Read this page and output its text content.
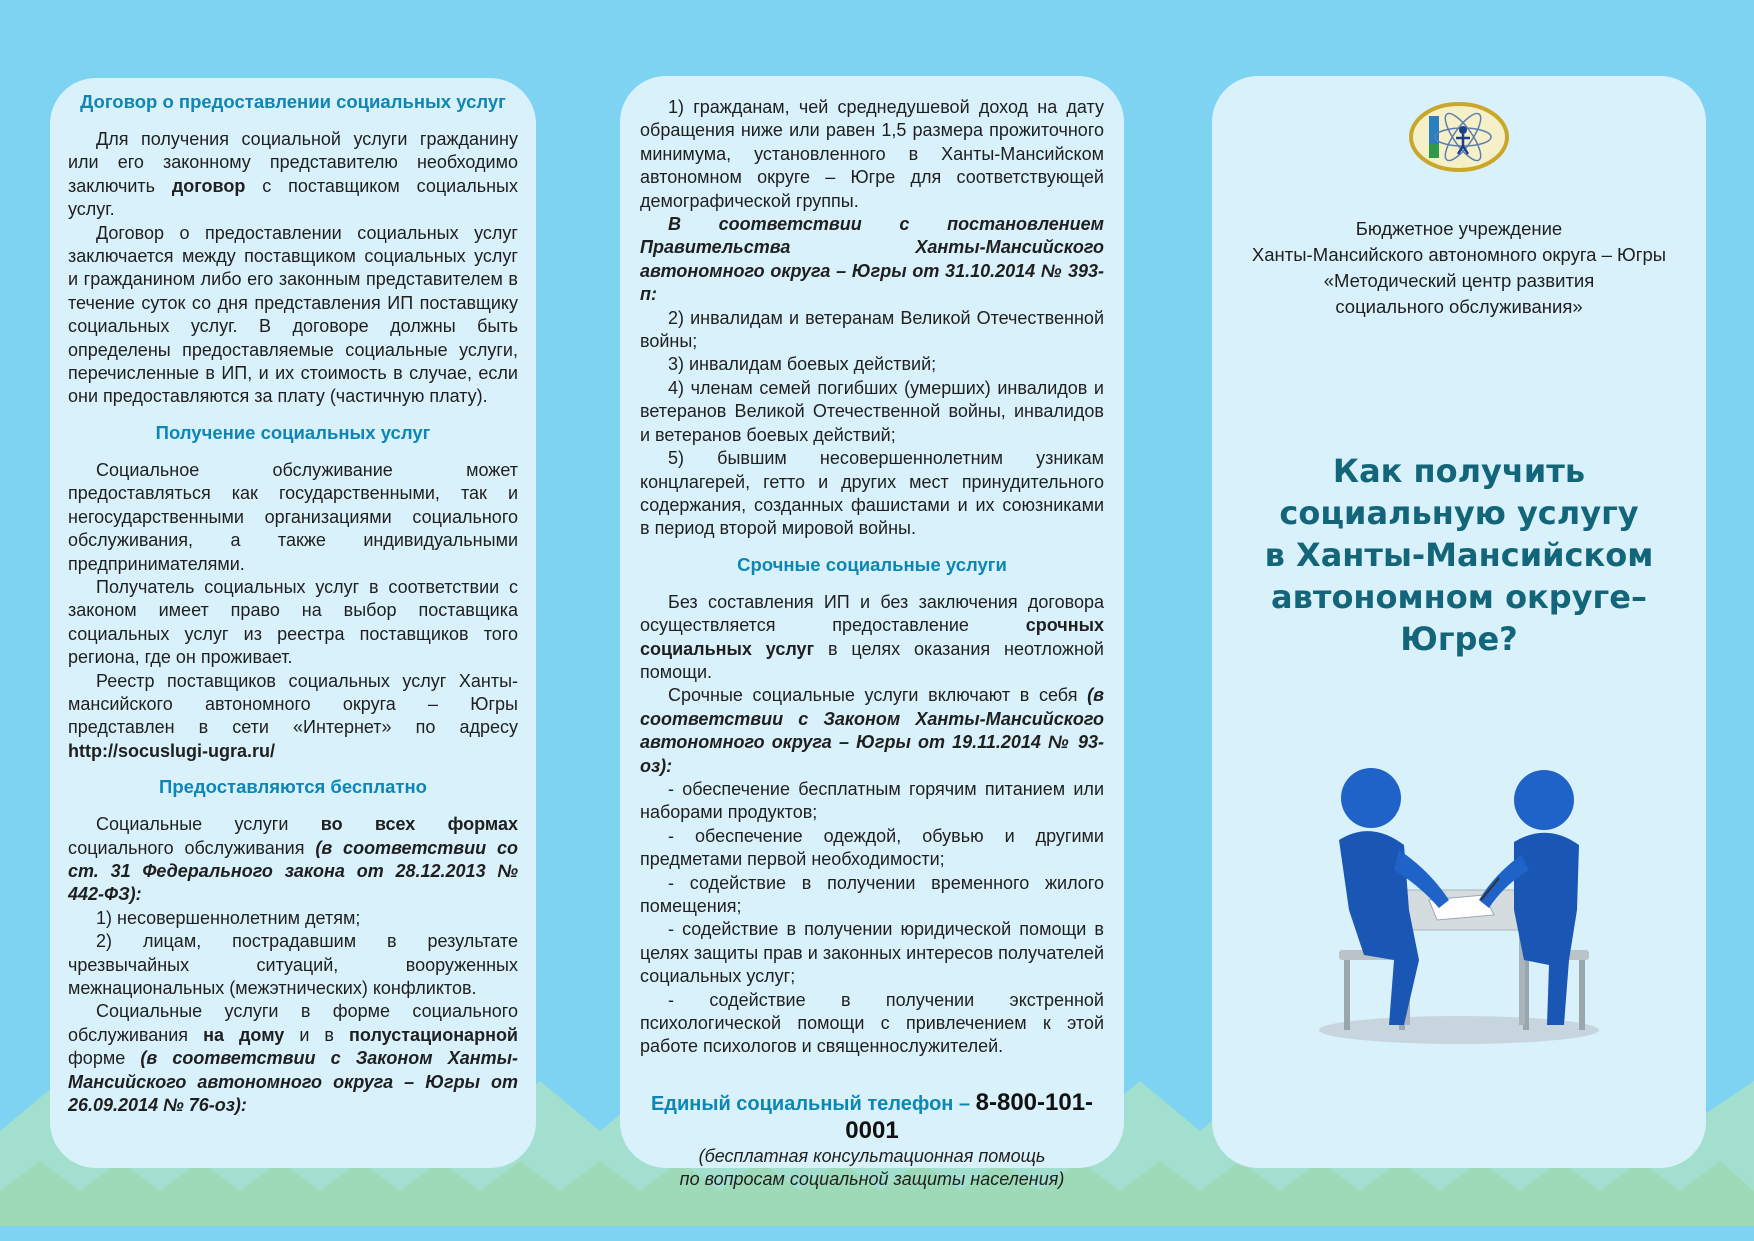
Договор о предоставлении социальных услуг

Для получения социальной услуги гражданину или его законному представителю необходимо заключить договор с поставщиком социальных услуг.

Договор о предоставлении социальных услуг заключается между поставщиком социальных услуг и гражданином либо его законным представителем в течение суток со дня представления ИП поставщику социальных услуг. В договоре должны быть определены предоставляемые социальные услуги, перечисленные в ИП, и их стоимость в случае, если они предоставляются за плату (частичную плату).

Получение социальных услуг

Социальное обслуживание может предоставляться как государственными, так и негосударственными организациями социального обслуживания, а также индивидуальными предпринимателями.

Получатель социальных услуг в соответствии с законом имеет право на выбор поставщика социальных услуг из реестра поставщиков того региона, где он проживает.

Реестр поставщиков социальных услуг Ханты-мансийского автономного округа – Югры представлен в сети «Интернет» по адресу http://socuslugi-ugra.ru/

Предоставляются бесплатно

Социальные услуги во всех формах социального обслуживания (в соответствии со ст. 31 Федерального закона от 28.12.2013 № 442-ФЗ):

1) несовершеннолетним детям;

2) лицам, пострадавшим в результате чрезвычайных ситуаций, вооруженных межнациональных (межэтнических) конфликтов.

Социальные услуги в форме социального обслуживания на дому и в полустационарной форме (в соответствии с Законом Ханты-Мансийского автономного округа – Югры от 26.09.2014 № 76-оз):

1) гражданам, чей среднедушевой доход на дату обращения ниже или равен 1,5 размера прожиточного минимума, установленного в Ханты-Мансийском автономном округе – Югре для соответствующей демографической группы.

В соответствии с постановлением Правительства Ханты-Мансийского автономного округа – Югры от 31.10.2014 № 393-п:

2) инвалидам и ветеранам Великой Отечественной войны;

3) инвалидам боевых действий;

4) членам семей погибших (умерших) инвалидов и ветеранов Великой Отечественной войны, инвалидов и ветеранов боевых действий;

5) бывшим несовершеннолетним узникам концлагерей, гетто и других мест принудительного содержания, созданных фашистами и их союзниками в период второй мировой войны.

Срочные социальные услуги

Без составления ИП и без заключения договора осуществляется предоставление срочных социальных услуг в целях оказания неотложной помощи.

Срочные социальные услуги включают в себя (в соответствии с Законом Ханты-Мансийского автономного округа – Югры от 19.11.2014 № 93-оз):

- обеспечение бесплатным горячим питанием или наборами продуктов;

- обеспечение одеждой, обувью и другими предметами первой необходимости;

- содействие в получении временного жилого помещения;

- содействие в получении юридической помощи в целях защиты прав и законных интересов получателей социальных услуг;

- содействие в получении экстренной психологической помощи с привлечением к этой работе психологов и священнослужителей.

Единый социальный телефон – 8-800-101-0001
(бесплатная консультационная помощь
по вопросам социальной защиты населения)
Бюджетное учреждение
Ханты-Мансийского автономного округа – Югры
«Методический центр развития
социального обслуживания»
Как получить
социальную услугу
в Ханты-Мансийском
автономном округе–Югре?
